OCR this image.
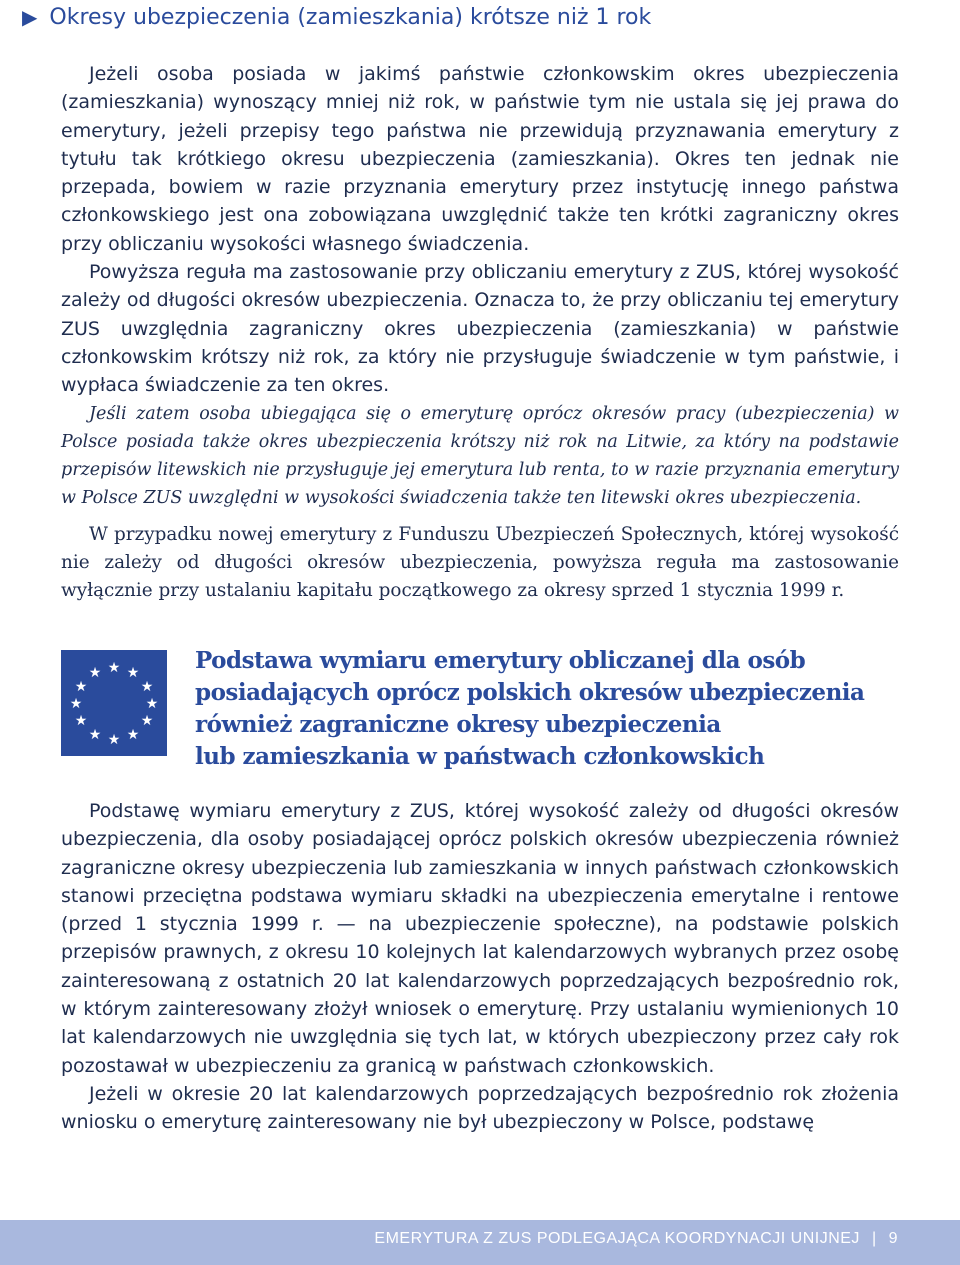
▶ Okresy ubezpieczenia (zamieszkania) krótsze niż 1 rok

Jeżeli osoba posiada w jakimś państwie członkowskim okres ubezpieczenia (zamieszkania) wynoszący mniej niż rok, w państwie tym nie ustala się jej prawa do emerytury, jeżeli przepisy tego państwa nie przewidują przyznawania emerytury z tytułu tak krótkiego okresu ubezpieczenia (zamieszkania). Okres ten jednak nie przepada, bowiem w razie przyznania emerytury przez instytucję innego państwa członkowskiego jest ona zobowiązana uwzględnić także ten krótki zagraniczny okres przy obliczaniu wysokości własnego świadczenia.

Powyższa reguła ma zastosowanie przy obliczaniu emerytury z ZUS, której wysokość zależy od długości okresów ubezpieczenia. Oznacza to, że przy obliczaniu tej emerytury ZUS uwzględnia zagraniczny okres ubezpieczenia (zamieszkania) w państwie członkowskim krótszy niż rok, za który nie przysługuje świadczenie w tym państwie, i wypłaca świadczenie za ten okres.

Jeśli zatem osoba ubiegająca się o emeryturę oprócz okresów pracy (ubezpieczenia) w Polsce posiada także okres ubezpieczenia krótszy niż rok na Litwie, za który na podstawie przepisów litewskich nie przysługuje jej emerytura lub renta, to w razie przyznania emerytury w Polsce ZUS uwzględni w wysokości świadczenia także ten litewski okres ubezpieczenia.

W przypadku nowej emerytury z Funduszu Ubezpieczeń Społecznych, której wysokość nie zależy od długości okresów ubezpieczenia, powyższa reguła ma zastosowanie wyłącznie przy ustalaniu kapitału początkowego za okresy sprzed 1 stycznia 1999 r.

★ ★
★
★
★
★
★
★
★
★
★
★	Podstawa wymiaru emerytury obliczanej dla osób
posiadających oprócz polskich okresów ubezpieczenia
również zagraniczne okresy ubezpieczenia
lub zamieszkania w państwach członkowskich

Podstawę wymiaru emerytury z ZUS, której wysokość zależy od długości okresów ubezpieczenia, dla osoby posiadającej oprócz polskich okresów ubezpieczenia również zagraniczne okresy ubezpieczenia lub zamieszkania w innych państwach członkowskich stanowi przeciętna podstawa wymiaru składki na ubezpieczenia emerytalne i rentowe (przed 1 stycznia 1999 r. — na ubezpieczenie społeczne), na podstawie polskich przepisów prawnych, z okresu 10 kolejnych lat kalendarzowych wybranych przez osobę zainteresowaną z ostatnich 20 lat kalendarzowych poprzedzających bezpośrednio rok, w którym zainteresowany złożył wniosek o emeryturę. Przy ustalaniu wymienionych 10 lat kalendarzowych nie uwzględnia się tych lat, w których ubezpieczony przez cały rok pozostawał w ubezpieczeniu za granicą w państwach członkowskich.

Jeżeli w okresie 20 lat kalendarzowych poprzedzających bezpośrednio rok złożenia wniosku o emeryturę zainteresowany nie był ubezpieczony w Polsce, podstawę

EMERYTURA Z ZUS PODLEGAJĄCA KOORDYNACJI UNIJNEJ | 9
